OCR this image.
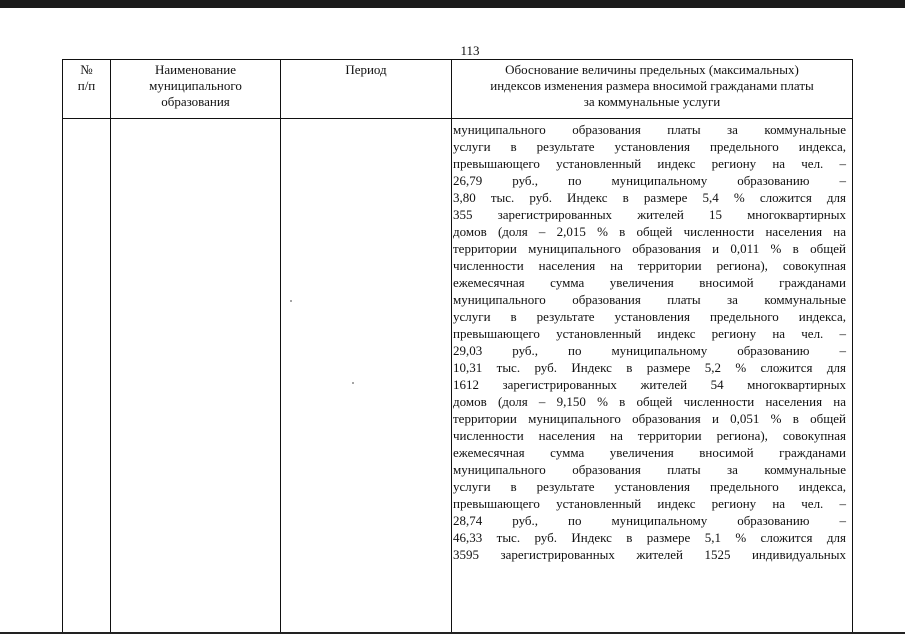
113
№
п/п
Наименование
муниципального
образования
Период	Обоснование величины предельных (максимальных)
индексов изменения размера вносимой гражданами платы
за коммунальные услуги
муниципального образования платы за коммунальные
услуги в результате установления предельного индекса,
превышающего установленный индекс региону на чел. –
26,79 руб., по муниципальному образованию –
3,80 тыс. руб. Индекс в размере 5,4 % сложится для
355 зарегистрированных жителей 15 многоквартирных
домов (доля – 2,015 % в общей численности населения на
территории муниципального образования и 0,011 % в общей
численности населения на территории региона), совокупная
ежемесячная сумма увеличения вносимой гражданами
муниципального образования платы за коммунальные
услуги в результате установления предельного индекса,
превышающего установленный индекс региону на чел. –
29,03 руб., по муниципальному образованию –
10,31 тыс. руб. Индекс в размере 5,2 % сложится для
1612 зарегистрированных жителей 54 многоквартирных
домов (доля – 9,150 % в общей численности населения на
территории муниципального образования и 0,051 % в общей
численности населения на территории региона), совокупная
ежемесячная сумма увеличения вносимой гражданами
муниципального образования платы за коммунальные
услуги в результате установления предельного индекса,
превышающего установленный индекс региону на чел. –
28,74 руб., по муниципальному образованию –
46,33 тыс. руб. Индекс в размере 5,1 % сложится для
3595 зарегистрированных жителей 1525 индивидуальных
